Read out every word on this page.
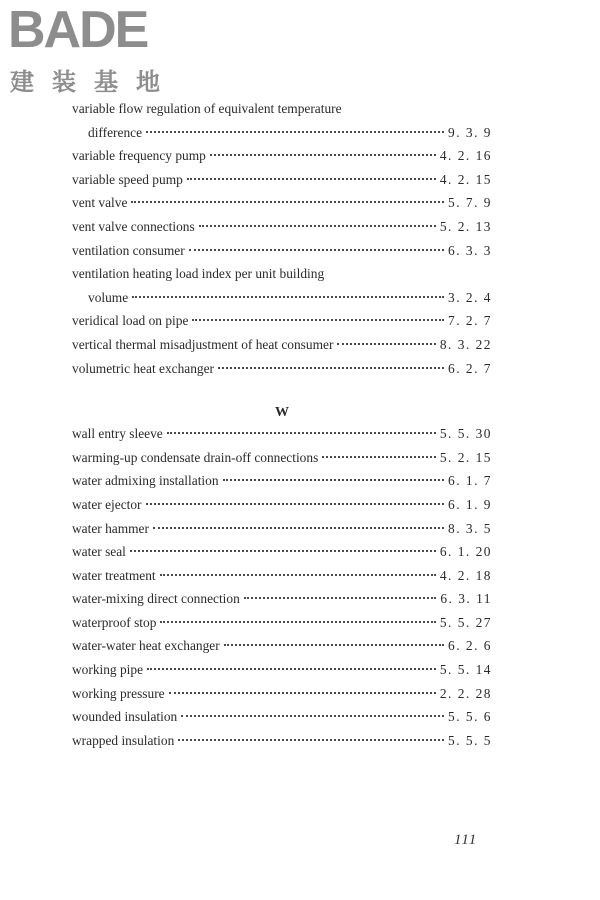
BADE
建装基地
variable flow regulation of equivalent temperature
difference	9. 3. 9
variable frequency pump	4. 2. 16
variable speed pump	4. 2. 15
vent valve	5. 7. 9
vent valve connections	5. 2. 13
ventilation consumer	6. 3. 3
ventilation heating load index per unit building
volume	3. 2. 4
veridical load on pipe	7. 2. 7
vertical thermal misadjustment of heat consumer	8. 3. 22
volumetric heat exchanger	6. 2. 7
W
wall entry sleeve	5. 5. 30
warming-up condensate drain-off connections	5. 2. 15
water admixing installation	6. 1. 7
water ejector	6. 1. 9
water hammer	8. 3. 5
water seal	6. 1. 20
water treatment	4. 2. 18
water-mixing direct connection	6. 3. 11
waterproof stop	5. 5. 27
water-water heat exchanger	6. 2. 6
working pipe	5. 5. 14
working pressure	2. 2. 28
wounded insulation	5. 5. 6
wrapped insulation	5. 5. 5
111
